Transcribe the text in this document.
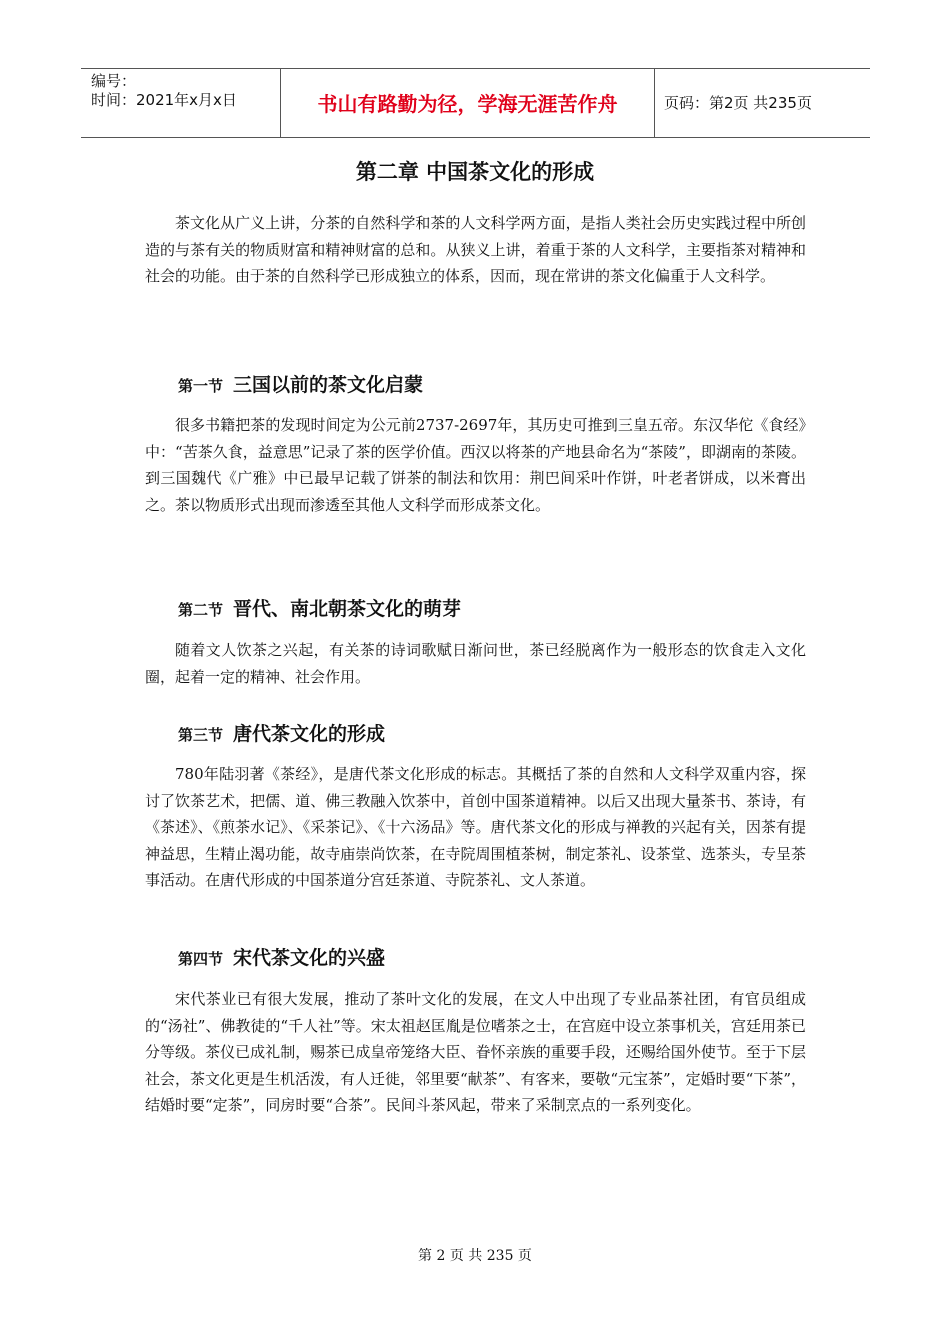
编号：
时间：2021年x月x日	书山有路勤为径，学海无涯苦作舟	页码：第2页 共235页
第二章 中国茶文化的形成

茶文化从广义上讲，分茶的自然科学和茶的人文科学两方面，是指人类社会历史实践过程中所创造的与茶有关的物质财富和精神财富的总和。从狭义上讲，着重于茶的人文科学，主要指茶对精神和社会的功能。由于茶的自然科学已形成独立的体系，因而，现在常讲的茶文化偏重于人文科学。

第一节 三国以前的茶文化启蒙

很多书籍把茶的发现时间定为公元前2737-2697年，其历史可推到三皇五帝。东汉华佗《食经》中：“苦茶久食，益意思”记录了茶的医学价值。西汉以将茶的产地县命名为“茶陵”，即湖南的茶陵。到三国魏代《广雅》中已最早记载了饼茶的制法和饮用：荆巴间采叶作饼，叶老者饼成，以米膏出之。茶以物质形式出现而渗透至其他人文科学而形成茶文化。

第二节 晋代、南北朝茶文化的萌芽

随着文人饮茶之兴起，有关茶的诗词歌赋日渐问世，茶已经脱离作为一般形态的饮食走入文化圈，起着一定的精神、社会作用。

第三节 唐代茶文化的形成

780年陆羽著《茶经》，是唐代茶文化形成的标志。其概括了茶的自然和人文科学双重内容，探讨了饮茶艺术，把儒、道、佛三教融入饮茶中，首创中国茶道精神。以后又出现大量茶书、茶诗，有《茶述》、《煎茶水记》、《采茶记》、《十六汤品》等。唐代茶文化的形成与禅教的兴起有关，因茶有提神益思，生精止渴功能，故寺庙崇尚饮茶，在寺院周围植茶树，制定茶礼、设茶堂、选茶头，专呈茶事活动。在唐代形成的中国茶道分宫廷茶道、寺院茶礼、文人茶道。

第四节 宋代茶文化的兴盛

宋代茶业已有很大发展，推动了茶叶文化的发展，在文人中出现了专业品茶社团，有官员组成的“汤社”、佛教徒的“千人社”等。宋太祖赵匡胤是位嗜茶之士，在宫庭中设立茶事机关，宫廷用茶已分等级。茶仪已成礼制，赐茶已成皇帝笼络大臣、眷怀亲族的重要手段，还赐给国外使节。至于下层社会，茶文化更是生机活泼，有人迁徙，邻里要“献茶”、有客来，要敬“元宝茶”，定婚时要“下茶”，结婚时要“定茶”，同房时要“合茶”。民间斗茶风起，带来了采制烹点的一系列变化。

第 2 页 共 235 页
